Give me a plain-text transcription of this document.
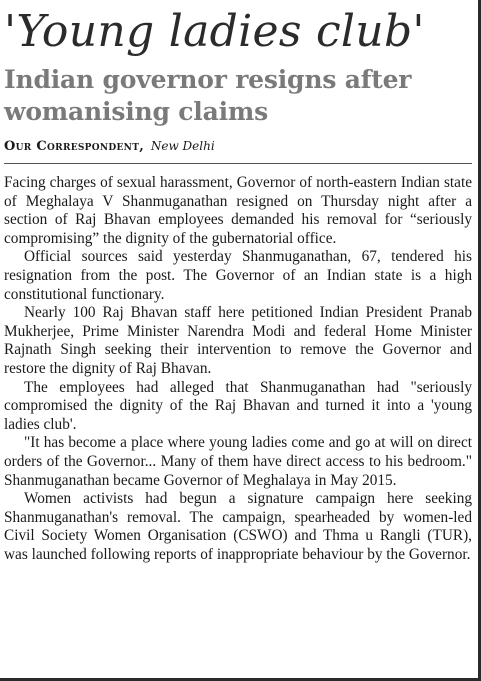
'Young ladies club'
Indian governor resigns after womanising claims
Our Correspondent, New Delhi

Facing charges of sexual harassment, Governor of north-eastern Indian state of Meghalaya V Shanmuganathan resigned on Thursday night after a section of Raj Bhavan employees demanded his removal for “seriously compromising” the dignity of the gubernatorial office.

Official sources said yesterday Shanmuganathan, 67, tendered his resignation from the post. The Governor of an Indian state is a high constitutional functionary.

Nearly 100 Raj Bhavan staff here petitioned Indian President Pranab Mukherjee, Prime Minister Narendra Modi and federal Home Minister Rajnath Singh seeking their intervention to remove the Governor and restore the dignity of Raj Bhavan.

The employees had alleged that Shanmuganathan had "seriously compromised the dignity of the Raj Bhavan and turned it into a 'young ladies club'.

"It has become a place where young ladies come and go at will on direct orders of the Governor... Many of them have direct access to his bedroom." Shanmuganathan became Governor of Meghalaya in May 2015.

Women activists had begun a signature campaign here seeking Shanmuganathan's removal. The campaign, spearheaded by women-led Civil Society Women Organisation (CSWO) and Thma u Rangli (TUR), was launched following reports of inappropriate behaviour by the Governor.
